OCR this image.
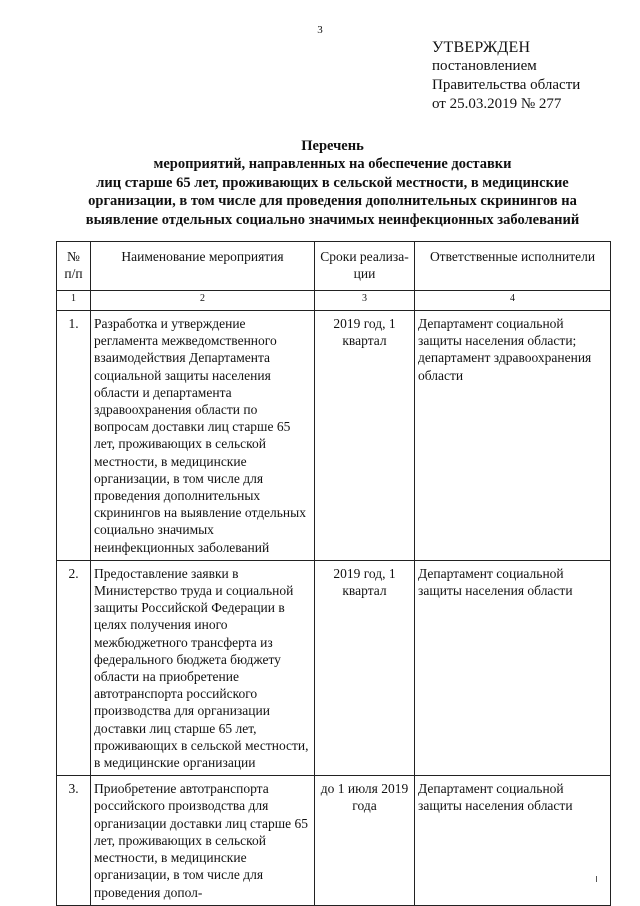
3
УТВЕРЖДЕН
постановлением
Правительства области
от 25.03.2019 № 277
Перечень
мероприятий, направленных на обеспечение доставки
лиц старше 65 лет, проживающих в сельской местности, в медицинские
организации, в том числе для проведения дополнительных скринингов на
выявление отдельных социально значимых неинфекционных заболеваний
№ п/п	Наименование мероприятия	Сроки реализа-ции	Ответственные исполнители
1	2	3	4
1.	Разработка и утверждение регламента межведомственного взаимодействия Департамента социальной защиты населения области и департамента здравоохранения области по вопросам доставки лиц старше 65 лет, проживающих в сельской местности, в медицинские организации, в том числе для проведения дополнительных скринингов на выявление отдельных социально значимых неинфекционных заболеваний	2019 год, 1 квартал	Департамент социальной защиты населения области; департамент здравоохранения области
2.	Предоставление заявки в Министерство труда и социальной защиты Российской Федерации в целях получения иного межбюджетного трансферта из федерального бюджета бюджету области на приобретение автотранспорта российского производства для организации доставки лиц старше 65 лет, проживающих в сельской местности, в медицинские организации	2019 год, 1 квартал	Департамент социальной защиты населения области
3.	Приобретение автотранспорта российского производства для организации доставки лиц старше 65 лет, проживающих в сельской местности, в медицинские организации, в том числе для проведения допол-	до 1 июля 2019 года	Департамент социальной защиты населения области
